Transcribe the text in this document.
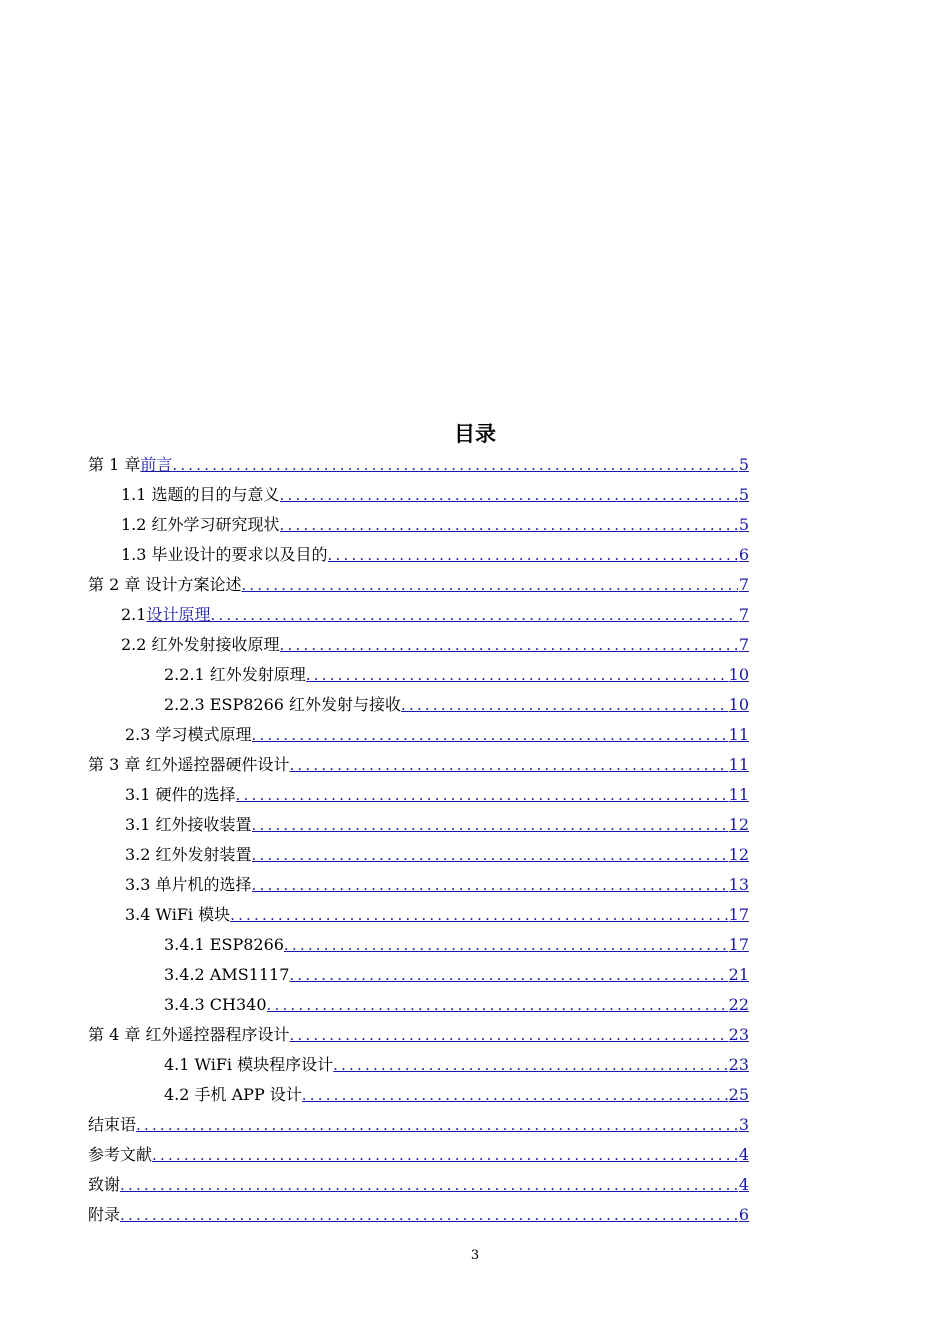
目录
第 1 章 前言 .....	5
1.1 选题的目的与意义 .....	5
1.2 红外学习研究现状 .....	5
1.3 毕业设计的要求以及目的 .....	6
第 2 章 设计方案论述 .....	7
2.1 设计原理 .....	7
2.2 红外发射接收原理 .....	7
2.2.1 红外发射原理 .....	10
2.2.3 ESP8266 红外发射与接收 .....	10
2.3 学习模式原理 .....	11
第 3 章 红外遥控器硬件设计 .....	11
3.1 硬件的选择 .....	11
3.1 红外接收装置 .....	12
3.2 红外发射装置 .....	12
3.3 单片机的选择 .....	13
3.4 WiFi 模块 .....	17
3.4.1 ESP8266 .....	17
3.4.2 AMS1117 .....	21
3.4.3 CH340 .....	22
第 4 章 红外遥控器程序设计 .....	23
4.1 WiFi 模块程序设计 .....	23
4.2 手机 APP 设计 .....	25
结束语 .....	3
参考文献 .....	4
致谢 .....	4
附录 .....	6
3
